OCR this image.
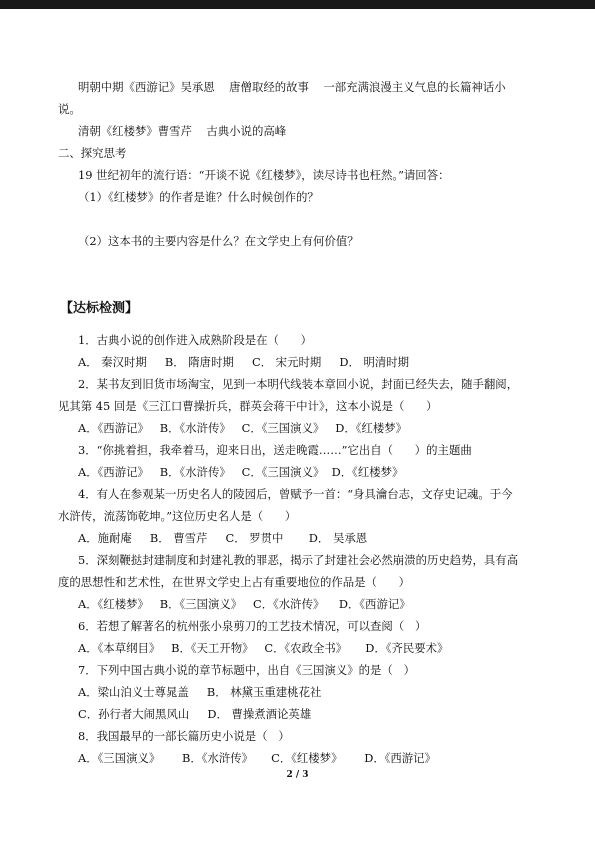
明朝中期《西游记》吴承恩    唐僧取经的故事    一部充满浪漫主义气息的长篇神话小
说。
清朝《红楼梦》曹雪芹    古典小说的高峰
二、探究思考
19 世纪初年的流行语：“开谈不说《红楼梦》，读尽诗书也枉然。”请回答：
（1）《红楼梦》的作者是谁？什么时候创作的？
（2）这本书的主要内容是什么？在文学史上有何价值？
1．古典小说的创作进入成熟阶段是在（      ）
A． 秦汉时期     B． 隋唐时期     C． 宋元时期     D． 明清时期
2．某书友到旧货市场淘宝，见到一本明代线装本章回小说，封面已经失去，随手翻阅，
见其第 45 回是《三江口曹操折兵，群英会蒋干中计》，这本小说是（      ）
A．《西游记》   B．《水浒传》   C．《三国演义》   D．《红楼梦》
3．“你挑着担，我牵着马，迎来日出，送走晚霞……”它出自（      ）的主题曲
A．《西游记》   B．《水浒传》   C．《三国演义》  D．《红楼梦》
4．有人在参观某一历史名人的陵园后，曾赋予一首：“身具瀹台志，文存史记魂。于今
水浒传，流荡饰乾坤。”这位历史名人是（      ）
A．施耐庵     B． 曹雪芹     C． 罗贯中       D． 吴承恩
5．深刻鞭挞封建制度和封建礼教的罪恶，揭示了封建社会必然崩溃的历史趋势，具有高
度的思想性和艺术性，在世界文学史上占有重要地位的作品是（      ）
A．《红楼梦》   B．《三国演义》   C．《水浒传》    D．《西游记》
6．若想了解著名的杭州张小泉剪刀的工艺技术情况，可以查阅（   ）
A．《本草纲目》   B．《天工开物》   C．《农政全书》     D．《齐民要术》
7．下列中国古典小说的章节标题中，出自《三国演义》的是（   ）
A．梁山泊义士尊晁盖     B． 林黛玉重建桃花社
C．孙行者大闹黑风山     D． 曹操煮酒论英雄
8．我国最早的一部长篇历史小说是（   ）
A．《三国演义》      B．《水浒传》     C．《红楼梦》      D．《西游记》
【达标检测】
2 / 3
